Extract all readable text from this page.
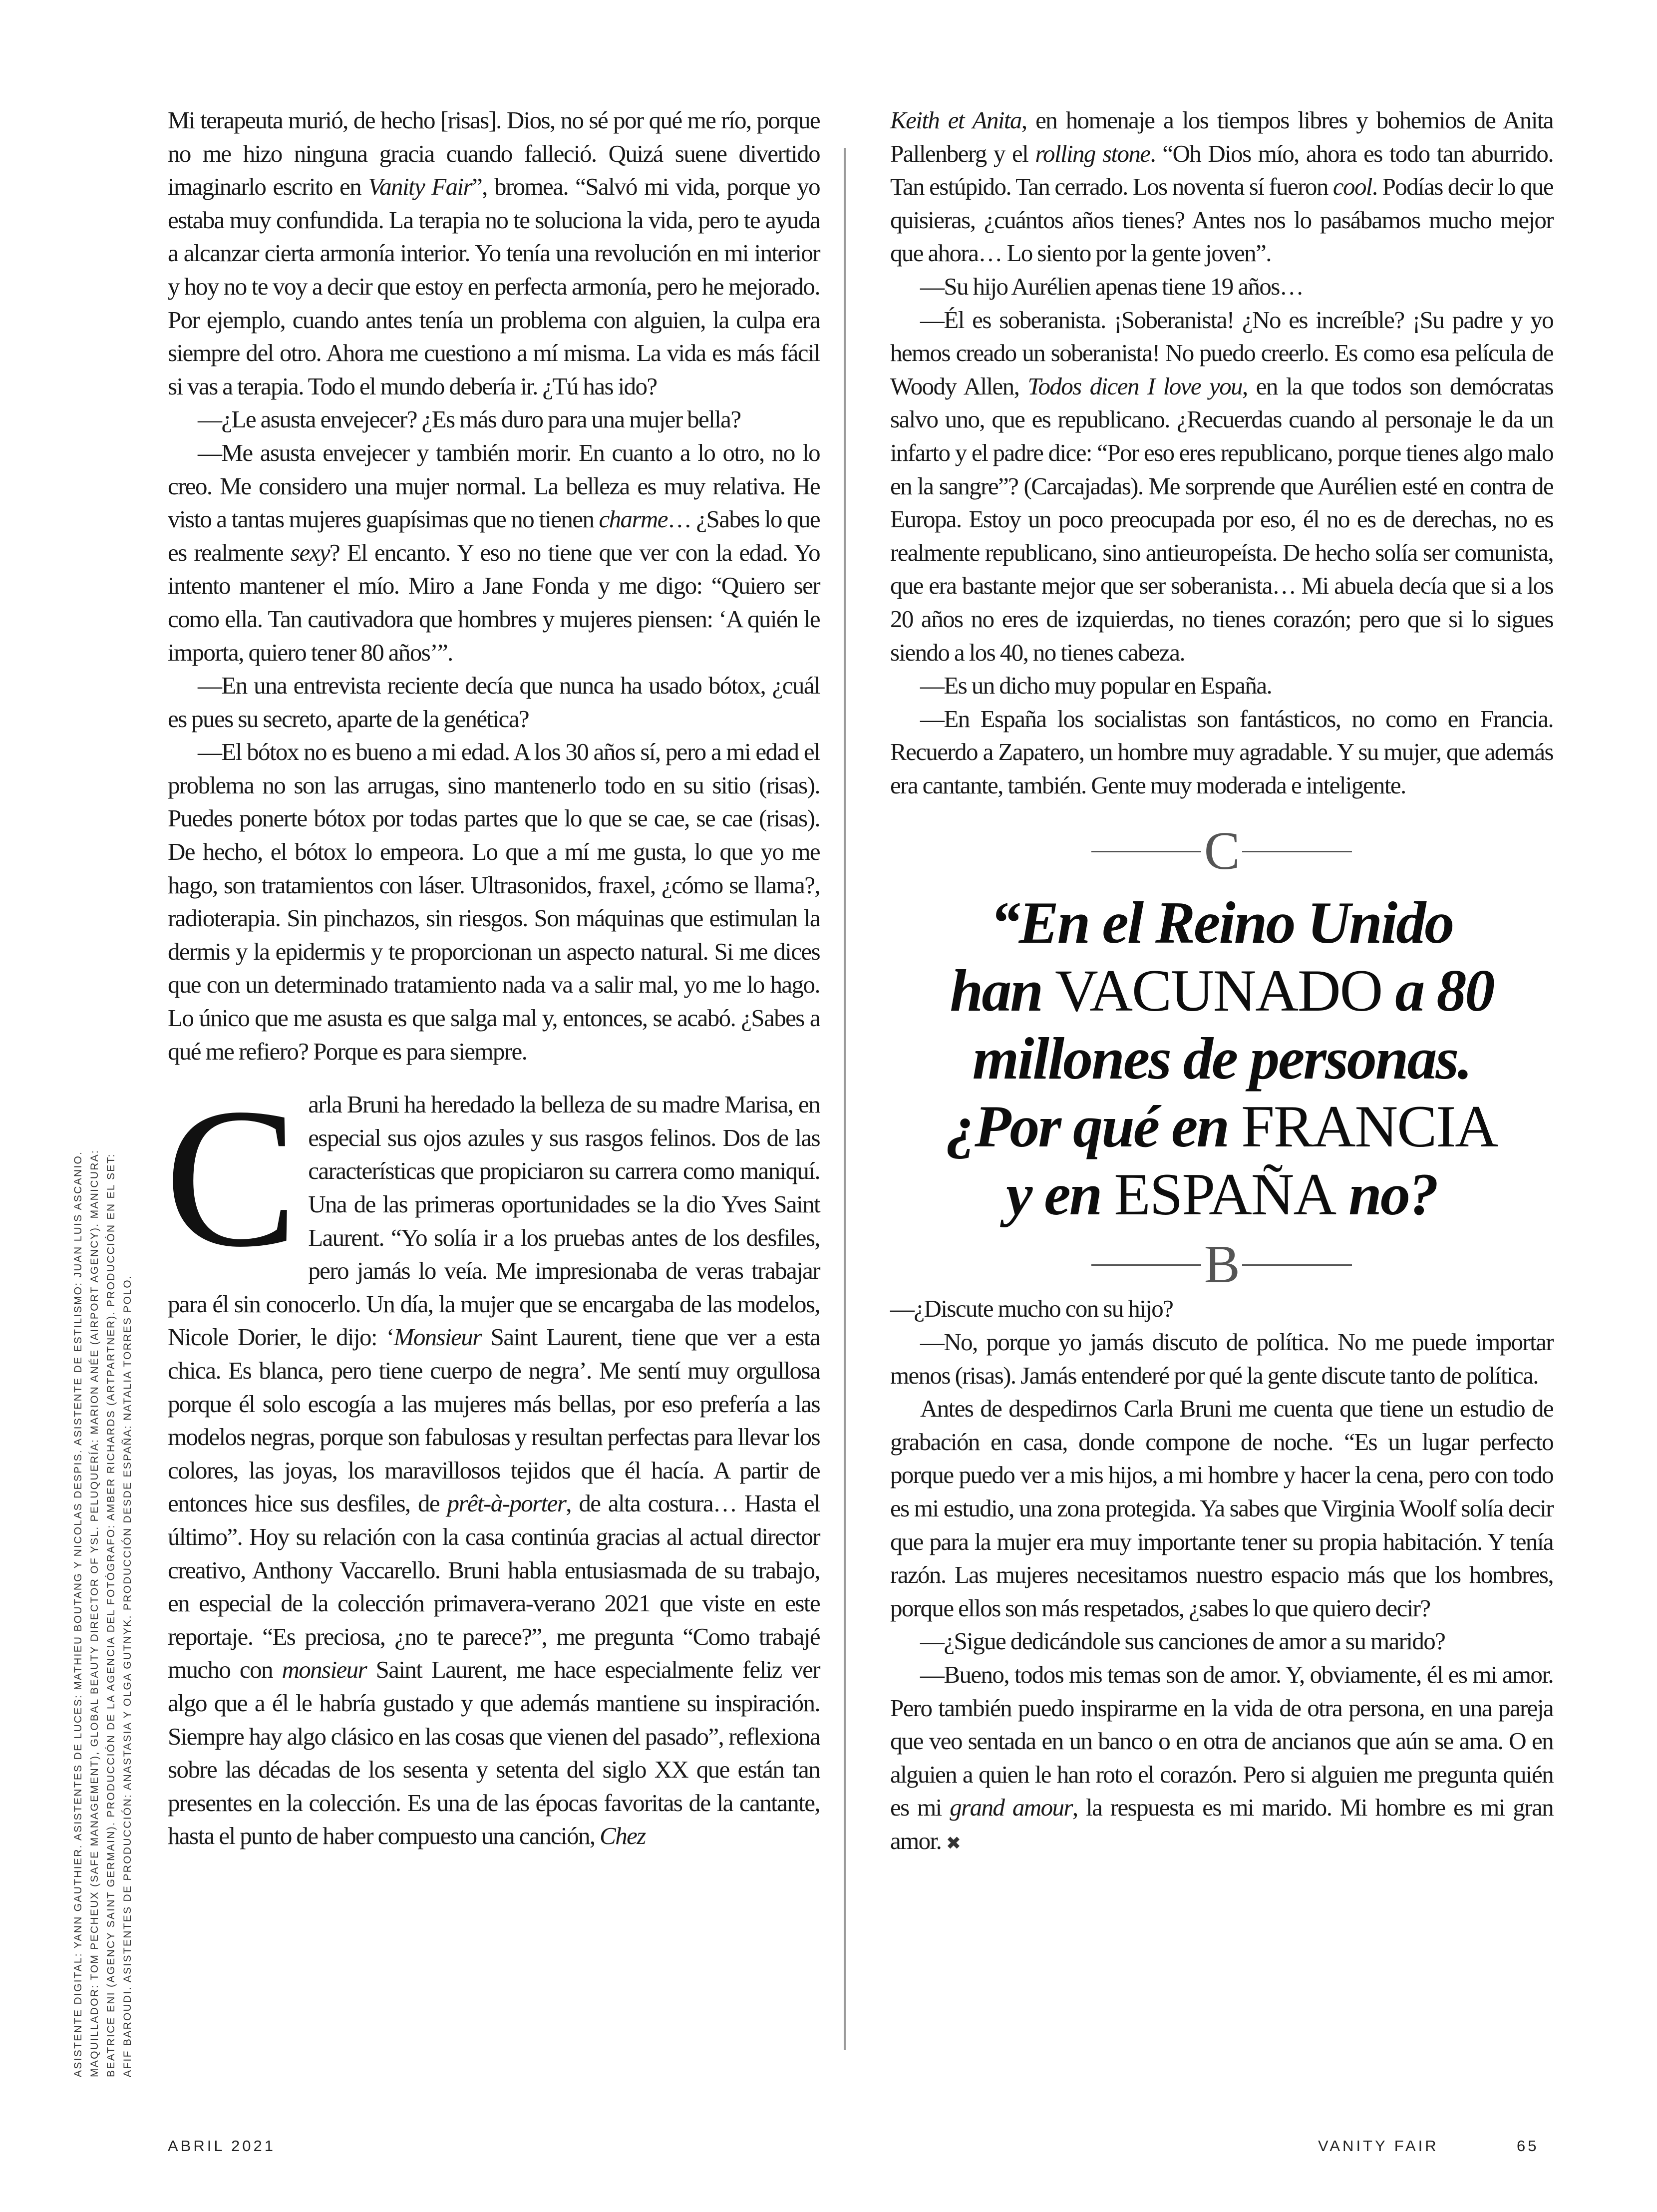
ASISTENTE DIGITAL: YANN GAUTHIER. ASISTENTES DE LUCES: MATHIEU BOUTANG Y NICOLAS DESPIS. ASISTENTE DE ESTILISMO: JUAN LUIS ASCANIO. MAQUILLADOR: TOM PECHEUX (SAFE MANAGEMENT), GLOBAL BEAUTY DIRECTOR OF YSL. PELUQUERÍA: MARION ANÉE (AIRPORT AGENCY). MANICURA: BEATRICE ENI (AGENCY SAINT GERMAIN). PRODUCCIÓN DE LA AGENCIA DEL FOTÓGRAFO: AMBER RICHARDS (ARTPARTNER). PRODUCCIÓN EN EL SET: AFIF BAROUDI. ASISTENTES DE PRODUCCIÓN: ANASTASIA Y OLGA GUTNYK. PRODUCCIÓN DESDE ESPAÑA: NATALIA TORRES POLO.

Mi terapeuta murió, de hecho [risas]. Dios, no sé por qué me río, porque no me hizo ninguna gracia cuando falleció. Quizá suene divertido imaginarlo escrito en Vanity Fair”, bromea. “Salvó mi vida, porque yo estaba muy confundida. La terapia no te soluciona la vida, pero te ayuda a alcanzar cierta armonía interior. Yo tenía una revolución en mi interior y hoy no te voy a decir que estoy en perfecta armonía, pero he mejorado. Por ejemplo, cuando antes tenía un problema con alguien, la culpa era siempre del otro. Ahora me cuestiono a mí misma. La vida es más fácil si vas a terapia. Todo el mundo debería ir. ¿Tú has ido?

—¿Le asusta envejecer? ¿Es más duro para una mujer bella?

—Me asusta envejecer y también morir. En cuanto a lo otro, no lo creo. Me considero una mujer normal. La belleza es muy relativa. He visto a tantas mujeres guapísimas que no tienen charme… ¿Sabes lo que es realmente sexy? El encanto. Y eso no tiene que ver con la edad. Yo intento mantener el mío. Miro a Jane Fonda y me digo: “Quiero ser como ella. Tan cautivadora que hombres y mujeres piensen: ‘A quién le importa, quiero tener 80 años’”.

—En una entrevista reciente decía que nunca ha usado bótox, ¿cuál es pues su secreto, aparte de la genética?

—El bótox no es bueno a mi edad. A los 30 años sí, pero a mi edad el problema no son las arrugas, sino mantenerlo todo en su sitio (risas). Puedes ponerte bótox por todas partes que lo que se cae, se cae (risas). De hecho, el bótox lo empeora. Lo que a mí me gusta, lo que yo me hago, son tratamientos con láser. Ultrasonidos, fraxel, ¿cómo se llama?, radioterapia. Sin pinchazos, sin riesgos. Son máquinas que estimulan la dermis y la epidermis y te proporcionan un aspecto natural. Si me dices que con un determinado tratamiento nada va a salir mal, yo me lo hago. Lo único que me asusta es que salga mal y, entonces, se acabó. ¿Sabes a qué me refiero? Porque es para siempre.

Carla Bruni ha heredado la belleza de su madre Marisa, en especial sus ojos azules y sus rasgos felinos. Dos de las características que propiciaron su carrera como maniquí. Una de las primeras oportunidades se la dio Yves Saint Laurent. “Yo solía ir a los pruebas antes de los desfiles, pero jamás lo veía. Me impresionaba de veras trabajar para él sin conocerlo. Un día, la mujer que se encargaba de las modelos, Nicole Dorier, le dijo: ‘Monsieur Saint Laurent, tiene que ver a esta chica. Es blanca, pero tiene cuerpo de negra’. Me sentí muy orgullosa porque él solo escogía a las mujeres más bellas, por eso prefería a las modelos negras, porque son fabulosas y resultan perfectas para llevar los colores, las joyas, los maravillosos tejidos que él hacía. A partir de entonces hice sus desfiles, de prêt-à-porter, de alta costura… Hasta el último”. Hoy su relación con la casa continúa gracias al actual director creativo, Anthony Vaccarello. Bruni habla entusiasmada de su trabajo, en especial de la colección primavera-verano 2021 que viste en este reportaje. “Es preciosa, ¿no te parece?”, me pregunta “Como trabajé mucho con monsieur Saint Laurent, me hace especialmente feliz ver algo que a él le habría gustado y que además mantiene su inspiración. Siempre hay algo clásico en las cosas que vienen del pasado”, reflexiona sobre las décadas de los sesenta y setenta del siglo XX que están tan presentes en la colección. Es una de las épocas favoritas de la cantante, hasta el punto de haber compuesto una canción, Chez

Keith et Anita, en homenaje a los tiempos libres y bohemios de Anita Pallenberg y el rolling stone. “Oh Dios mío, ahora es todo tan aburrido. Tan estúpido. Tan cerrado. Los noventa sí fueron cool. Podías decir lo que quisieras, ¿cuántos años tienes? Antes nos lo pasábamos mucho mejor que ahora… Lo siento por la gente joven”.

—Su hijo Aurélien apenas tiene 19 años…

—Él es soberanista. ¡Soberanista! ¿No es increíble? ¡Su padre y yo hemos creado un soberanista! No puedo creerlo. Es como esa película de Woody Allen, Todos dicen I love you, en la que todos son demócratas salvo uno, que es republicano. ¿Recuerdas cuando al personaje le da un infarto y el padre dice: “Por eso eres republicano, porque tienes algo malo en la sangre”? (Carcajadas). Me sorprende que Aurélien esté en contra de Europa. Estoy un poco preocupada por eso, él no es de derechas, no es realmente republicano, sino antieuropeísta. De hecho solía ser comunista, que era bastante mejor que ser soberanista… Mi abuela decía que si a los 20 años no eres de izquierdas, no tienes corazón; pero que si lo sigues siendo a los 40, no tienes cabeza.

—Es un dicho muy popular en España.

—En España los socialistas son fantásticos, no como en Francia. Recuerdo a Zapatero, un hombre muy agradable. Y su mujer, que además era cantante, también. Gente muy moderada e inteligente.

C
“En el Reino Unido
han VACUNADO a 80
millones de personas.
¿Por qué en FRANCIA
y en ESPAÑA no?
B

—¿Discute mucho con su hijo?

—No, porque yo jamás discuto de política. No me puede importar menos (risas). Jamás entenderé por qué la gente discute tanto de política.

Antes de despedirnos Carla Bruni me cuenta que tiene un estudio de grabación en casa, donde compone de noche. “Es un lugar perfecto porque puedo ver a mis hijos, a mi hombre y hacer la cena, pero con todo es mi estudio, una zona protegida. Ya sabes que Virginia Woolf solía decir que para la mujer era muy importante tener su propia habitación. Y tenía razón. Las mujeres necesitamos nuestro espacio más que los hombres, porque ellos son más respetados, ¿sabes lo que quiero decir?

—¿Sigue dedicándole sus canciones de amor a su marido?

—Bueno, todos mis temas son de amor. Y, obviamente, él es mi amor. Pero también puedo inspirarme en la vida de otra persona, en una pareja que veo sentada en un banco o en otra de ancianos que aún se ama. O en alguien a quien le han roto el corazón. Pero si alguien me pregunta quién es mi grand amour, la respuesta es mi marido. Mi hombre es mi gran amor. ✖

ABRIL 2021	VANITY FAIR	65
